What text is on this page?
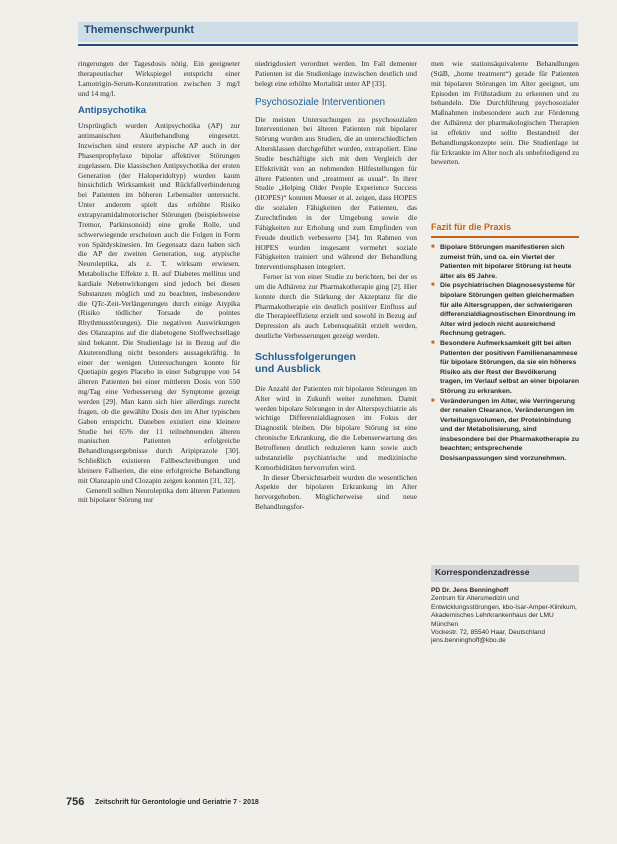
Themenschwerpunkt

ringerungen der Tagesdosis nötig. Ein geeigneter therapeutischer Wirkspiegel entspricht einer Lamotrigin-Serum-Konzentration zwischen 3 mg/l und 14 mg/l.

Antipsychotika

Ursprünglich wurden Antipsychotika (AP) zur antimanischen Akutbehandlung eingesetzt. Inzwischen sind erstere atypische AP auch in der Phasenprophylaxe bipolar affektiver Störungen zugelassen. Die klassischen Antipsychotika der ersten Generation (der Haloperidoltyp) wurden kaum hinsichtlich Wirksamkeit und Rückfallverhinderung bei Patienten im höheren Lebensalter untersucht. Unter anderem spielt das erhöhte Risiko extrapyramidalmotorischer Störungen (beispielsweise Tremor, Parkinsonoid) eine große Rolle, und schwerwiegende erscheinen auch die Folgen in Form von Spätdyskinesien. Im Gegensatz dazu haben sich die AP der zweiten Generation, sog. atypische Neuroleptika, als z. T. wirksam erwiesen. Metabolische Effekte z. B. auf Diabetes mellitus und kardiale Nebenwirkungen sind jedoch bei diesen Substanzen möglich und zu beachten, insbesondere die QTc-Zeit-Verlängerungen durch einige Atypika (Risiko tödlicher Torsade de pointes Rhythmusstörungen). Die negativen Auswirkungen des Olanzapins auf die diabetogene Stoffwechsellage sind bekannt. Die Studienlage ist in Bezug auf die Akuterendlung nicht besonders aussagekräftig. In einer der wenigen Untersuchungen konnte für Quetiapin gegen Placebo in einer Subgruppe von 54 älteren Patienten bei einer mittleren Dosis von 550 mg/Tag eine Verbesserung der Symptome gezeigt werden [29]. Man kann sich hier allerdings zurecht fragen, ob die gewählte Dosis den im Alter typischen Gaben entspricht. Daneben existiert eine kleinere Studie bei 65% der 11 teilnehmenden älteren manischen Patienten erfolgreiche Behandlungsergebnisse durch Aripiprazole [30]. Schließlich existieren Fallbeschreibungen und kleinere Fallserien, die eine erfolgreiche Behandlung mit Olanzapin und Clozapin zeigen konnten [31, 32].

Generell sollten Neuroleptika dem älteren Patienten mit bipolarer Störung nur

niedrigdosiert verordnet werden. Im Fall dementer Patienten ist die Studienlage inzwischen deutlich und belegt eine erhöhte Mortalität unter AP [33].

Psychosoziale Interventionen

Die meisten Untersuchungen zu psychosozialen Interventionen bei älteren Patienten mit bipolarer Störung wurden aus Studien, die an unterschiedlichen Altersklassen durchgeführt wurden, extrapoliert. Eine Studie beschäftigte sich mit dem Vergleich der Effektivität von an nehmenden Hilfestellungen für ältere Patienten und „treatment as usual“. In ihrer Studie „Helping Older People Experience Success (HOPES)“ konnten Mueser et al. zeigen, dass HOPES die sozialen Fähigkeiten der Patienten, das Zurechtfinden in der Umgebung sowie die Fähigkeiten zur Erholung und zum Empfinden von Freude deutlich verbesserte [34]. Im Rahmen von HOPES wurden insgesamt vermehrt soziale Fähigkeiten trainiert und während der Behandlung Interventionsphasen integriert.

Ferner ist von einer Studie zu berichten, bei der es um die Adhärenz zur Pharmakotherapie ging [2]. Hier konnte durch die Stärkung der Akzeptanz für die Pharmakotherapie ein deutlich positiver Einfluss auf die Therapieeffizienz erzielt und sowohl in Bezug auf Depression als auch Lebensqualität erzielt werden, deutliche Verbesserungen gezeigt werden.

Schlussfolgerungen
und Ausblick

Die Anzahl der Patienten mit bipolaren Störungen im Alter wird in Zukunft weiter zunehmen. Damit werden bipolare Störungen in der Alterspsychiatrie als wichtige Differenzialdiagnosen im Fokus der Diagnostik bleiben. Die bipolare Störung ist eine chronische Erkrankung, die die Lebenserwartung des Betroffenen deutlich reduzieren kann sowie auch substanzielle psychiatrische und medizinische Komorbiditäten hervorrufen wird.

In dieser Übersichtsarbeit wurden die wesentlichen Aspekte der bipolaren Erkrankung im Alter hervorgehoben. Möglicherweise sind neue Behandlungsfor-

men wie stationsäquivalente Behandlungen (StäB, „home treatment“) gerade für Patienten mit bipolaren Störungen im Alter geeignet, um Episoden im Frühstadium zu erkennen und zu behandeln. Die Durchführung psychosozialer Maßnahmen insbesondere auch zur Förderung der Adhärenz der pharmakologischen Therapien ist effektiv und sollte Bestandteil der Behandlungskonzepte sein. Die Studienlage ist für Erkrankte im Alter noch als unbefriedigend zu bewerten.

Fazit für die Praxis
■ Bipolare Störungen manifestieren sich zumeist früh, und ca. ein Viertel der Patienten mit bipolarer Störung ist heute älter als 65 Jahre.
■ Die psychiatrischen Diagnosesysteme für bipolare Störungen gelten gleichermaßen für alle Altersgruppen, der schwierigeren differenzialdiagnostischen Einordnung im Alter wird jedoch nicht ausreichend Rechnung getragen.
■ Besondere Aufmerksamkeit gilt bei alten Patienten der positiven Familienanamnese für bipolare Störungen, da sie ein höheres Risiko als der Rest der Bevölkerung tragen, im Verlauf selbst an einer bipolaren Störung zu erkranken.
■ Veränderungen im Alter, wie Verringerung der renalen Clearance, Veränderungen im Verteilungsvolumen, der Proteinbindung und der Metabolisierung, sind insbesondere bei der Pharmakotherapie zu beachten; entsprechende Dosisanpassungen sind vorzunehmen.
Korrespondenzadresse

PD Dr. Jens Benninghoff

Zentrum für Altersmedizin und Entwicklungsstörungen, kbo-Isar-Amper-Klinikum,

Akademisches Lehrkrankenhaus der LMU München

Vockestr. 72, 85540 Haar, Deutschland

jens.benninghoff@kbo.de

756 Zeitschrift für Gerontologie und Geriatrie 7 · 2018
